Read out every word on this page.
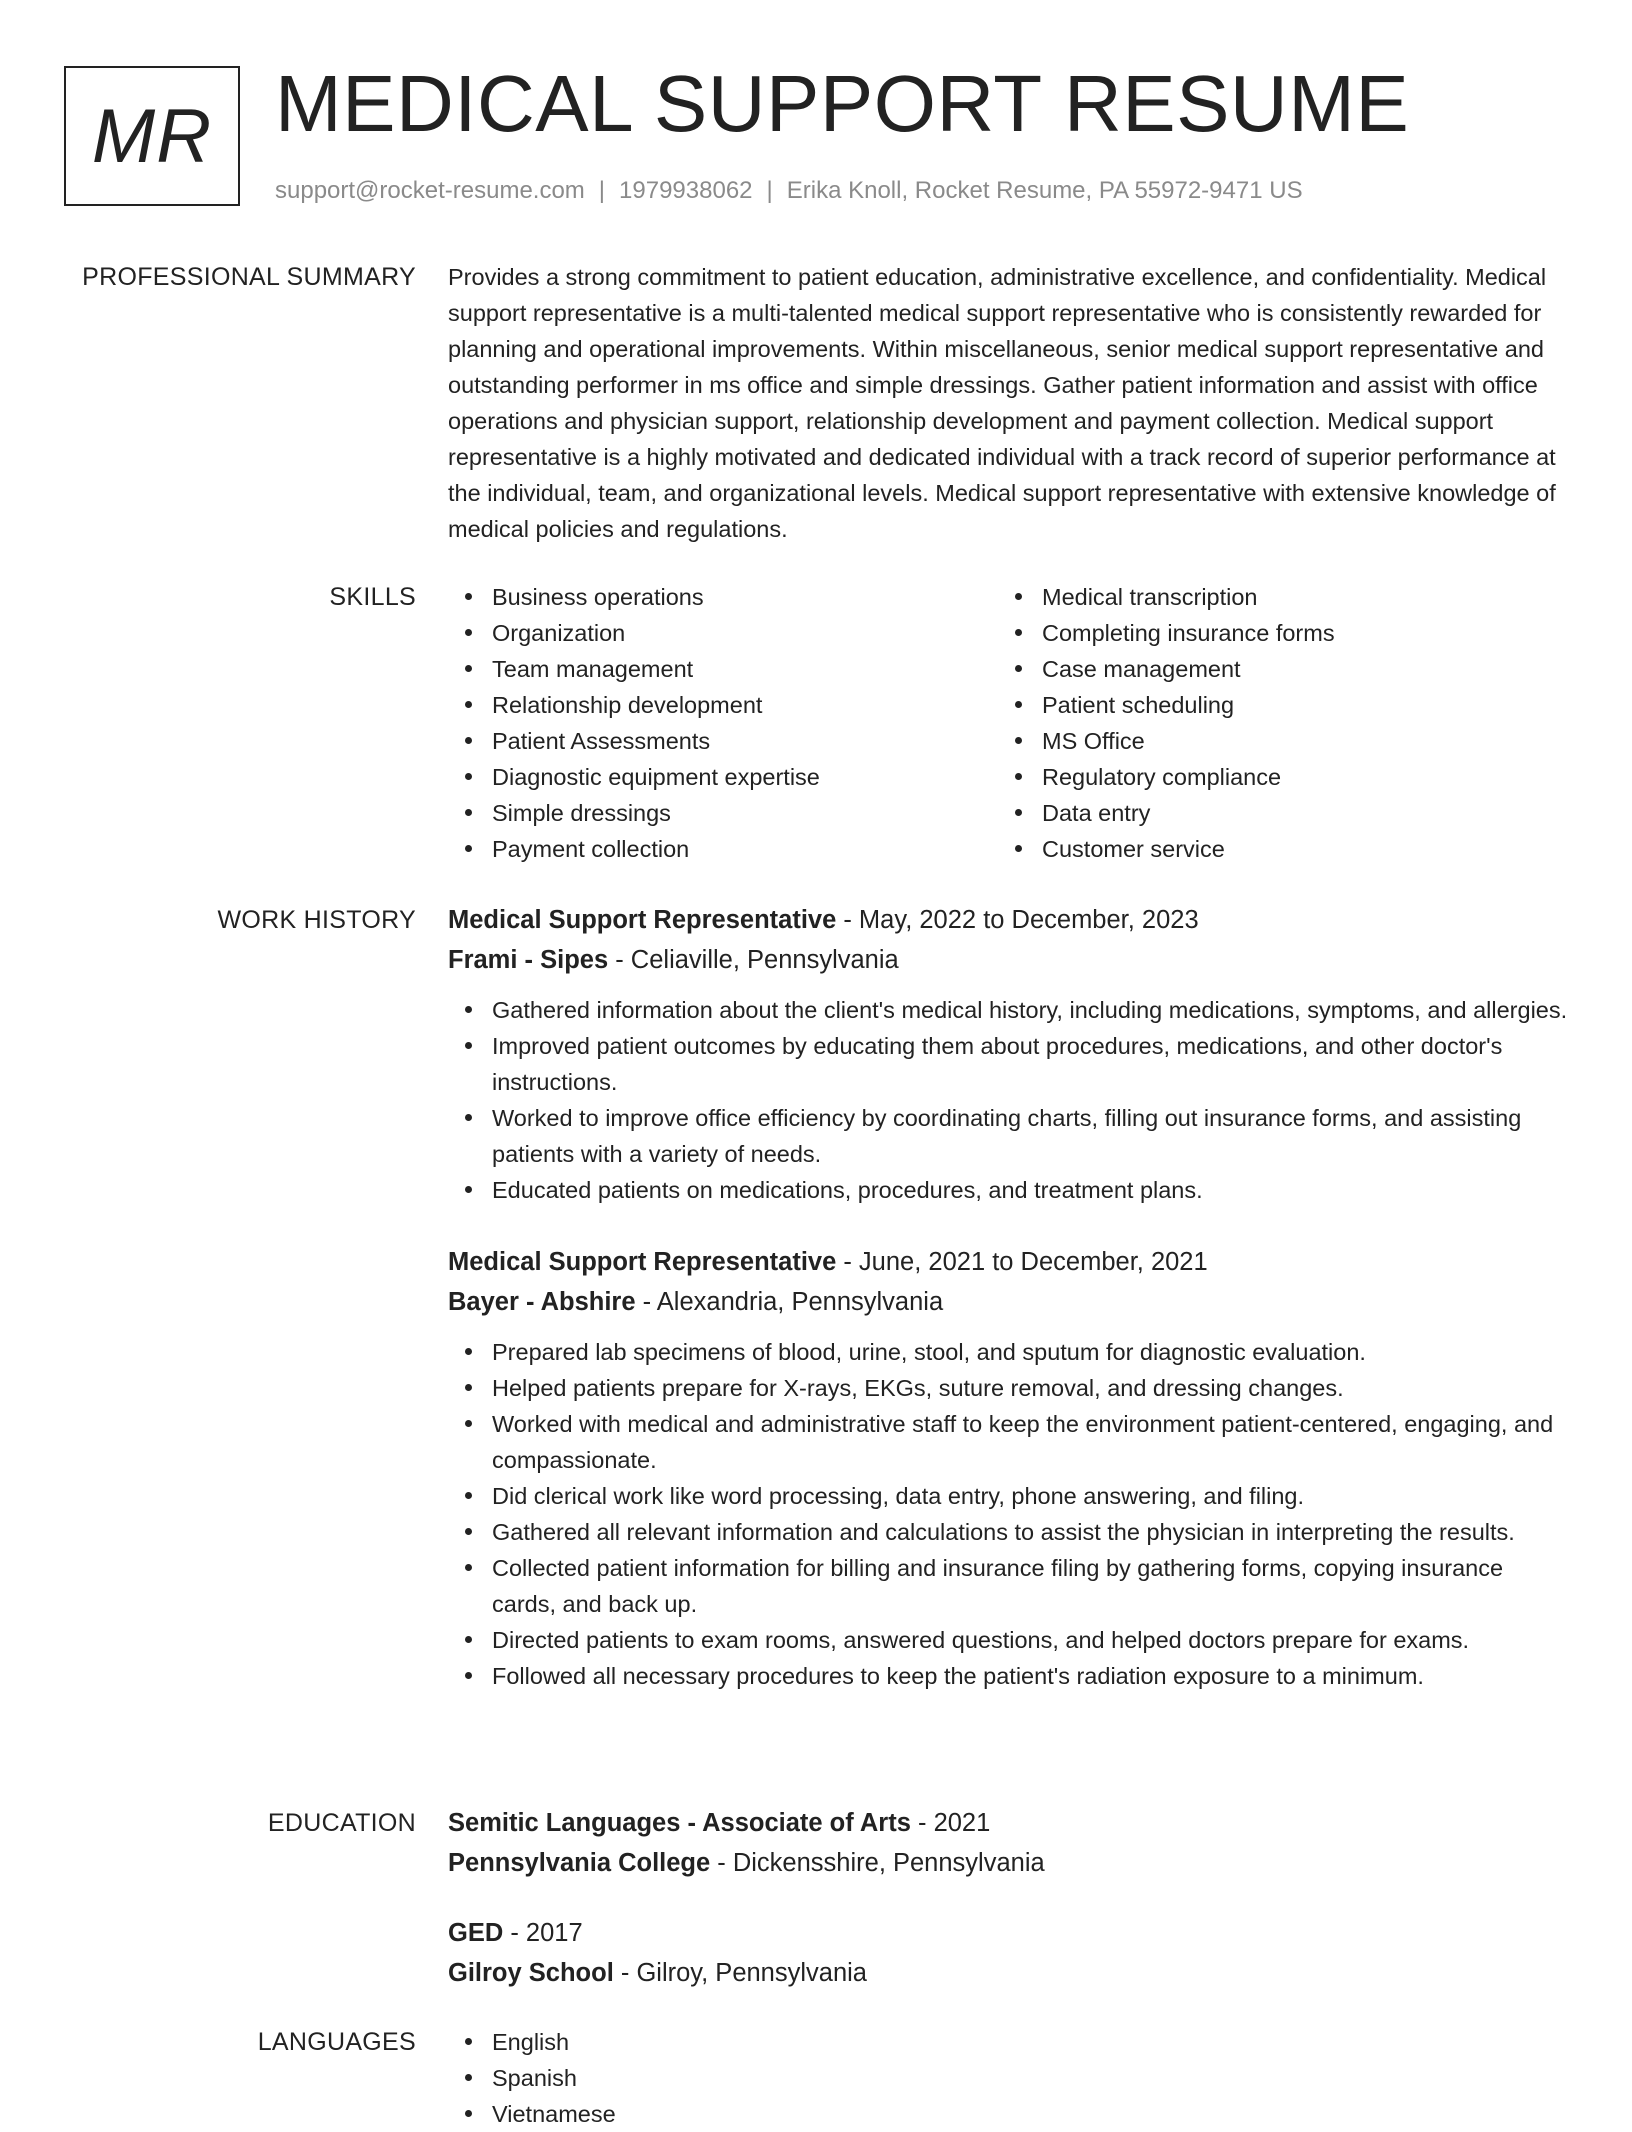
MR MEDICAL SUPPORT RESUME
support@rocket-resume.com | 1979938062 | Erika Knoll, Rocket Resume, PA 55972-9471 US
PROFESSIONAL SUMMARY Provides a strong commitment to patient education, administrative excellence, and confidentiality. Medical support representative is a multi-talented medical support representative who is consistently rewarded for planning and operational improvements. Within miscellaneous, senior medical support representative and outstanding performer in ms office and simple dressings. Gather patient information and assist with office operations and physician support, relationship development and payment collection. Medical support representative is a highly motivated and dedicated individual with a track record of superior performance at the individual, team, and organizational levels. Medical support representative with extensive knowledge of medical policies and regulations.

SKILLS	Business operations
Organization
Team management
Relationship development
Patient Assessments
Diagnostic equipment expertise
Simple dressings
Payment collection
Medical transcription
Completing insurance forms
Case management
Patient scheduling
MS Office
Regulatory compliance
Data entry
Customer service
WORK HISTORY Medical Support Representative - May, 2022 to December, 2023
Frami - Sipes - Celiaville, Pennsylvania
Gathered information about the client's medical history, including medications, symptoms, and allergies.
Improved patient outcomes by educating them about procedures, medications, and other doctor's instructions.
Worked to improve office efficiency by coordinating charts, filling out insurance forms, and assisting patients with a variety of needs.
Educated patients on medications, procedures, and treatment plans.
Medical Support Representative - June, 2021 to December, 2021
Bayer - Abshire - Alexandria, Pennsylvania
Prepared lab specimens of blood, urine, stool, and sputum for diagnostic evaluation.
Helped patients prepare for X-rays, EKGs, suture removal, and dressing changes.
Worked with medical and administrative staff to keep the environment patient-centered, engaging, and compassionate.
Did clerical work like word processing, data entry, phone answering, and filing.
Gathered all relevant information and calculations to assist the physician in interpreting the results.
Collected patient information for billing and insurance filing by gathering forms, copying insurance cards, and back up.
Directed patients to exam rooms, answered questions, and helped doctors prepare for exams.
Followed all necessary procedures to keep the patient's radiation exposure to a minimum.
EDUCATION Semitic Languages - Associate of Arts - 2021
Pennsylvania College - Dickensshire, Pennsylvania
GED - 2017
Gilroy School - Gilroy, Pennsylvania
LANGUAGES	English
Spanish
Vietnamese
